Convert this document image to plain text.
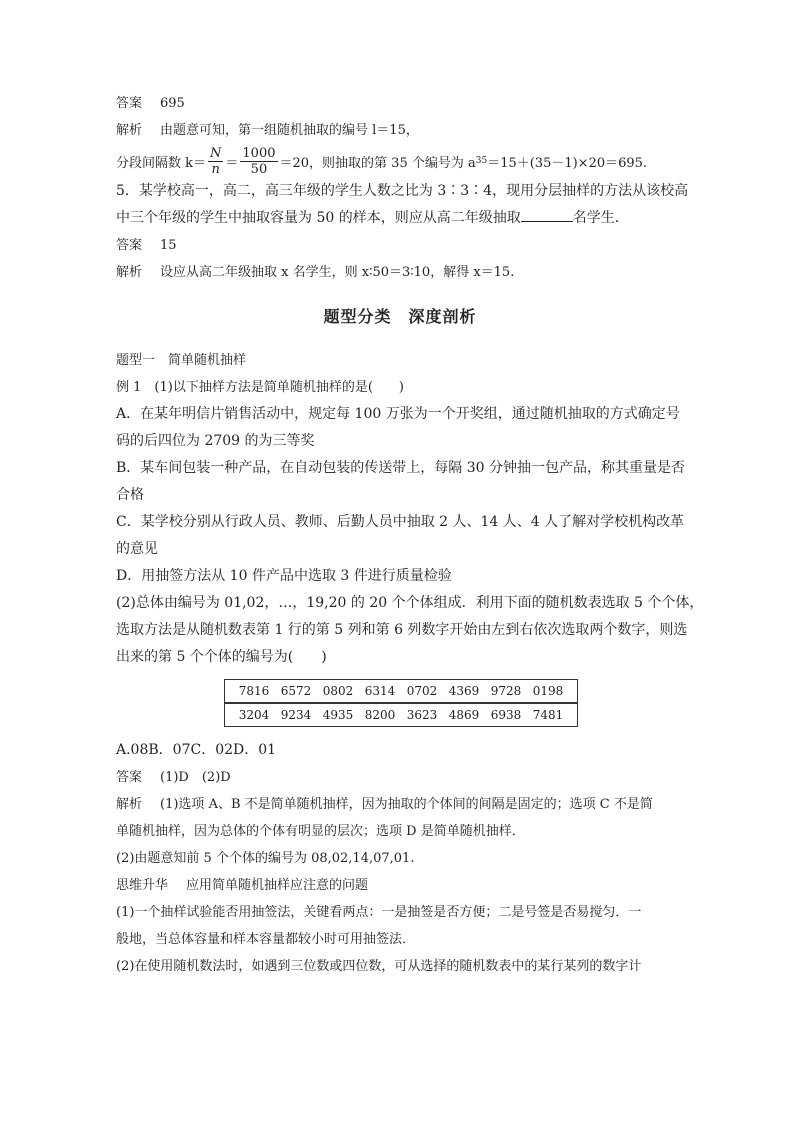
答案 695
解析 由题意可知，第一组随机抽取的编号 l＝15，
分段间隔数 $k= \frac{N}{n} = \frac{1000}{50} =20$，则抽取的第 35 个编号为 a 35 ＝15＋(35－1)×20＝695.
5．某学校高一，高二，高三年级的学生人数之比为 3∶3∶4，现用分层抽样的方法从该校高
中三个年级的学生中抽取容量为 50 的样本，则应从高二年级抽取	名学生．
答案 15
解析 设应从高二年级抽取 x 名学生，则 x∶50＝3∶10，解得 x＝15.
题型分类　深度剖析
题型一　简单随机抽样
例 1　(1)以下抽样方法是简单随机抽样的是(　　)
A．在某年明信片销售活动中，规定每 100 万张为一个开奖组，通过随机抽取的方式确定号
码的后四位为 2709 的为三等奖
B．某车间包装一种产品，在自动包装的传送带上，每隔 30 分钟抽一包产品，称其重量是否
合格
C．某学校分别从行政人员、教师、后勤人员中抽取 2 人、14 人、4 人了解对学校机构改革
的意见
D．用抽签方法从 10 件产品中选取 3 件进行质量检验
(2)总体由编号为 01,02，…，19,20 的 20 个个体组成．利用下面的随机数表选取 5 个个体，
选取方法是从随机数表第 1 行的第 5 列和第 6 列数字开始由左到右依次选取两个数字，则选
出来的第 5 个个体的编号为(　　)
7816 6572 0802 6314 0702 4369 9728 0198

3204 9234 4935 8200 3623 4869 6938 7481
A.08B．07C．02D．01
答案 (1)D　(2)D
解析 (1)选项 A、B 不是简单随机抽样，因为抽取的个体间的间隔是固定的；选项 C 不是简
单随机抽样，因为总体的个体有明显的层次；选项 D 是简单随机抽样．
(2)由题意知前 5 个个体的编号为 08,02,14,07,01.
思维升华 应用简单随机抽样应注意的问题
(1)一个抽样试验能否用抽签法，关键看两点：一是抽签是否方便；二是号签是否易搅匀．一
般地，当总体容量和样本容量都较小时可用抽签法．
(2)在使用随机数法时，如遇到三位数或四位数，可从选择的随机数表中的某行某列的数字计
